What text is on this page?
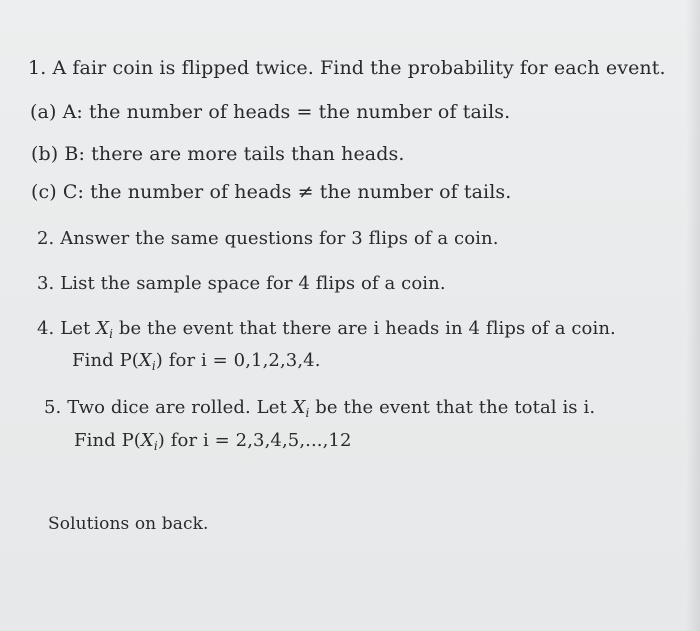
1. A fair coin is flipped twice. Find the probability for each event.
(a) A: the number of heads = the number of tails.
(b) B: there are more tails than heads.
(c) C: the number of heads ≠ the number of tails.
2. Answer the same questions for 3 flips of a coin.
3. List the sample space for 4 flips of a coin.
4. Let $X_i$ be the event that there are i heads in 4 flips of a coin.
Find $P(X_i)$ for i = 0,1,2,3,4.
5. Two dice are rolled. Let $X_i$ be the event that the total is i.
Find $P(X_i)$ for i = 2,3,4,5,...,12
Solutions on back.
